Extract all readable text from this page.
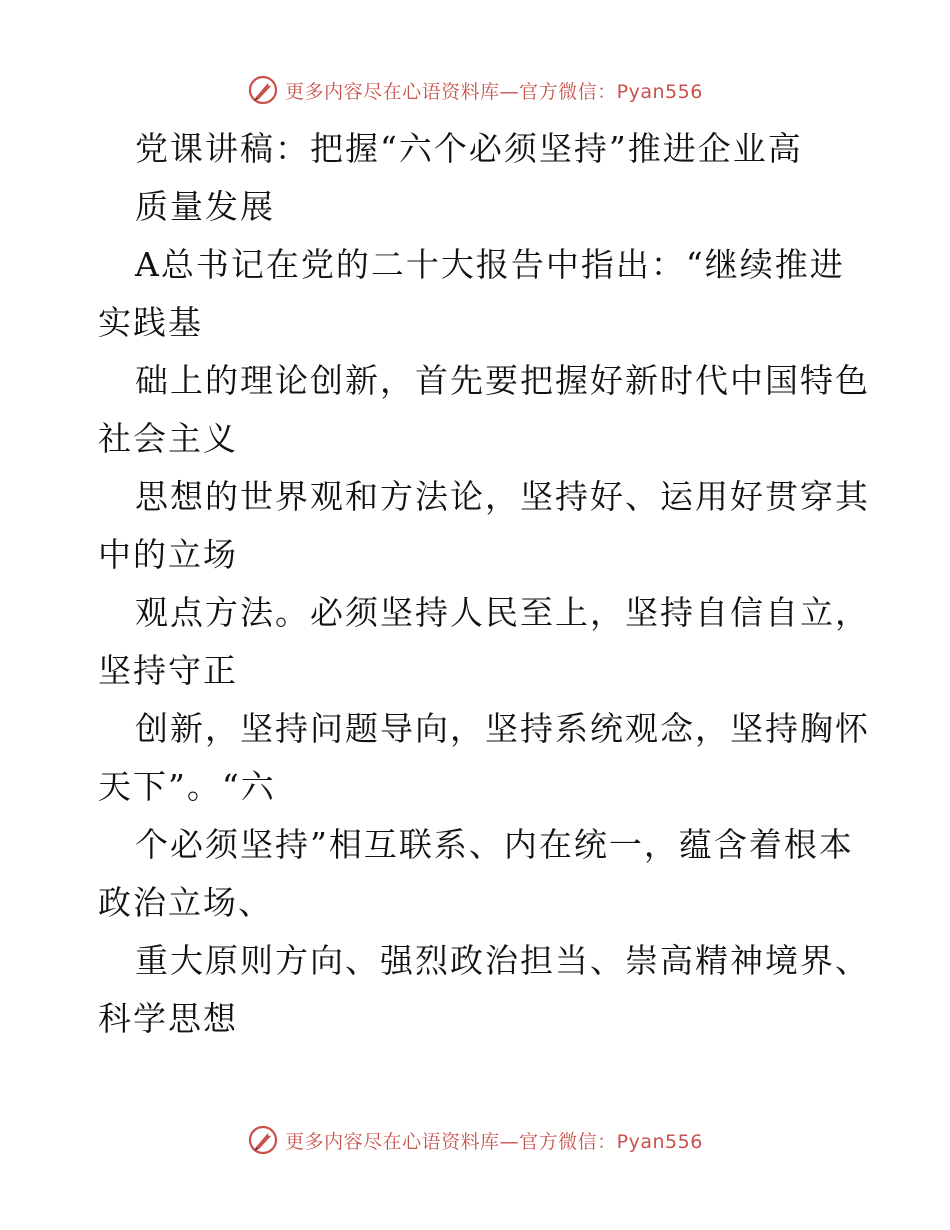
更多内容尽在心语资料库—官方微信：Pyan556
党课讲稿：把握“六个必须坚持”推进企业高
质量发展
A总书记在党的二十大报告中指出：“继续推进
实践基
础上的理论创新，首先要把握好新时代中国特色
社会主义
思想的世界观和方法论，坚持好、运用好贯穿其
中的立场
观点方法。必须坚持人民至上，坚持自信自立，
坚持守正
创新，坚持问题导向，坚持系统观念，坚持胸怀
天下”。“六
个必须坚持”相互联系、内在统一，蕴含着根本
政治立场、
重大原则方向、强烈政治担当、崇高精神境界、
科学思想
更多内容尽在心语资料库—官方微信：Pyan556
